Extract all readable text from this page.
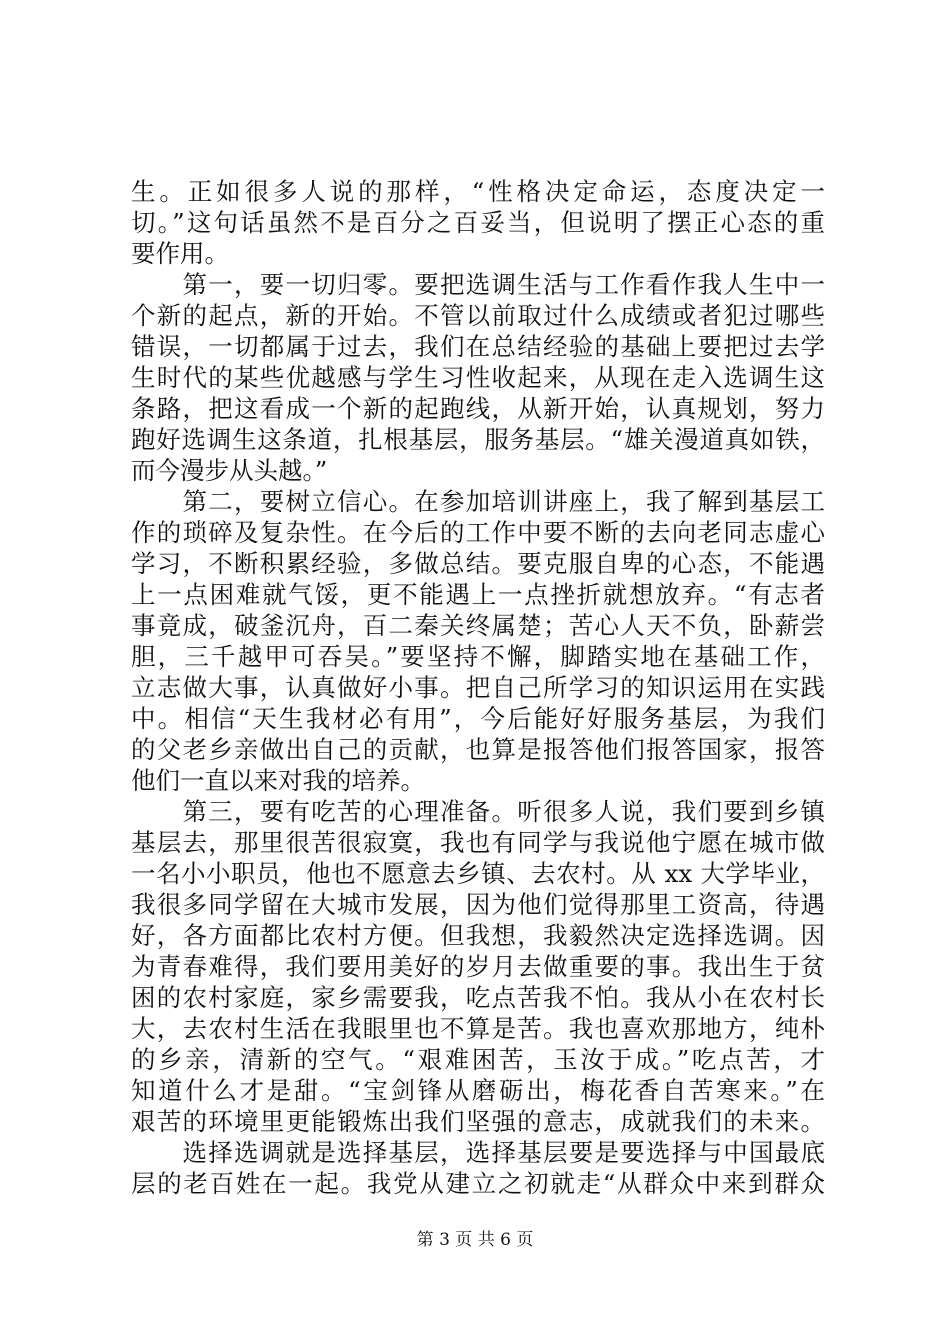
生。正如很多人说的那样，“性格决定命运，态度决定一
切。”这句话虽然不是百分之百妥当，但说明了摆正心态的重
要作用。
　　第一，要一切归零。要把选调生活与工作看作我人生中一
个新的起点，新的开始。不管以前取过什么成绩或者犯过哪些
错误，一切都属于过去，我们在总结经验的基础上要把过去学
生时代的某些优越感与学生习性收起来，从现在走入选调生这
条路，把这看成一个新的起跑线，从新开始，认真规划，努力
跑好选调生这条道，扎根基层，服务基层。“雄关漫道真如铁，
而今漫步从头越。”
　　第二，要树立信心。在参加培训讲座上，我了解到基层工
作的琐碎及复杂性。在今后的工作中要不断的去向老同志虚心
学习，不断积累经验，多做总结。要克服自卑的心态，不能遇
上一点困难就气馁，更不能遇上一点挫折就想放弃。“有志者
事竟成，破釜沉舟，百二秦关终属楚；苦心人天不负，卧薪尝
胆，三千越甲可吞吴。”要坚持不懈，脚踏实地在基础工作，
立志做大事，认真做好小事。把自己所学习的知识运用在实践
中。相信“天生我材必有用”，今后能好好服务基层，为我们
的父老乡亲做出自己的贡献，也算是报答他们报答国家，报答
他们一直以来对我的培养。
　　第三，要有吃苦的心理准备。听很多人说，我们要到乡镇
基层去，那里很苦很寂寞，我也有同学与我说他宁愿在城市做
一名小小职员，他也不愿意去乡镇、去农村。从 xx 大学毕业，
我很多同学留在大城市发展，因为他们觉得那里工资高，待遇
好，各方面都比农村方便。但我想，我毅然决定选择选调。因
为青春难得，我们要用美好的岁月去做重要的事。我出生于贫
困的农村家庭，家乡需要我，吃点苦我不怕。我从小在农村长
大，去农村生活在我眼里也不算是苦。我也喜欢那地方，纯朴
的乡亲，清新的空气。“艰难困苦，玉汝于成。”吃点苦，才
知道什么才是甜。“宝剑锋从磨砺出，梅花香自苦寒来。”在
艰苦的环境里更能锻炼出我们坚强的意志，成就我们的未来。
　　选择选调就是选择基层，选择基层要是要选择与中国最底
层的老百姓在一起。我党从建立之初就走“从群众中来到群众
第 3 页 共 6 页
